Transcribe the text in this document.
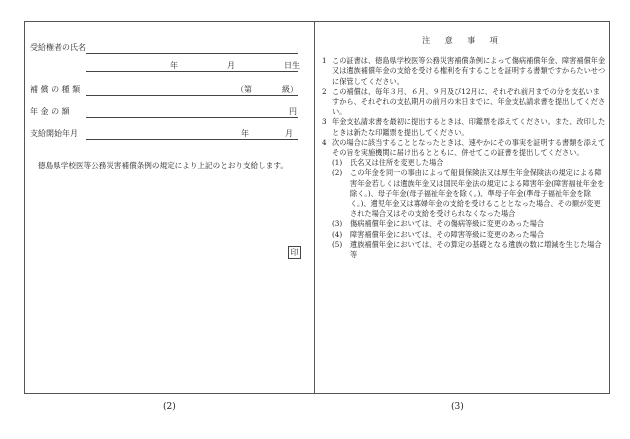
受給権者の氏名
年	月	日生
補 償 の 種 類	（第	級）
年 金 の 額	円
支給開始年月	年	月
徳島県学校医等公務災害補償条例の規定により上記のとおり支給します。
印
(2)
注 意 事 項
1 この証書は、徳島県学校医等公務災害補償条例によって傷病補償年金、障害補償年金又は遺族補償年金の支給を受ける権利を有することを証明する書類ですからたいせつに保管してください。
2 この補償は、毎年３月、６月、９月及び12月に、それぞれ前月までの分を支払いますから、それぞれの支払期月の前月の末日までに、年金支払請求書を提出してください。
3 年金支払請求書を最初に提出するときは、印鑑票を添えてください。また、改印したときは新たな印鑑票を提出してください。
4 次の場合に該当することとなったときは、速やかにその事実を証明する書類を添えてその旨を実施機関に届け出るとともに、併せてこの証書を提出してください。
(1) 氏名又は住所を変更した場合
(2) この年金を同一の事由によって船員保険法又は厚生年金保険法の規定による障害年金若しくは遺族年金又は国民年金法の規定による障害年金(障害福祉年金を除く。)、母子年金(母子福祉年金を除く。)、準母子年金(準母子福祉年金を除く。)、遺児年金又は寡婦年金の支給を受けることとなった場合、その額が変更された場合又はその支給を受けられなくなった場合
(3) 傷病補償年金においては、その傷病等級に変更のあった場合
(4) 障害補償年金においては、その障害等級に変更のあった場合
(5) 遺族補償年金においては、その算定の基礎となる遺族の数に増減を生じた場合等
(3)
